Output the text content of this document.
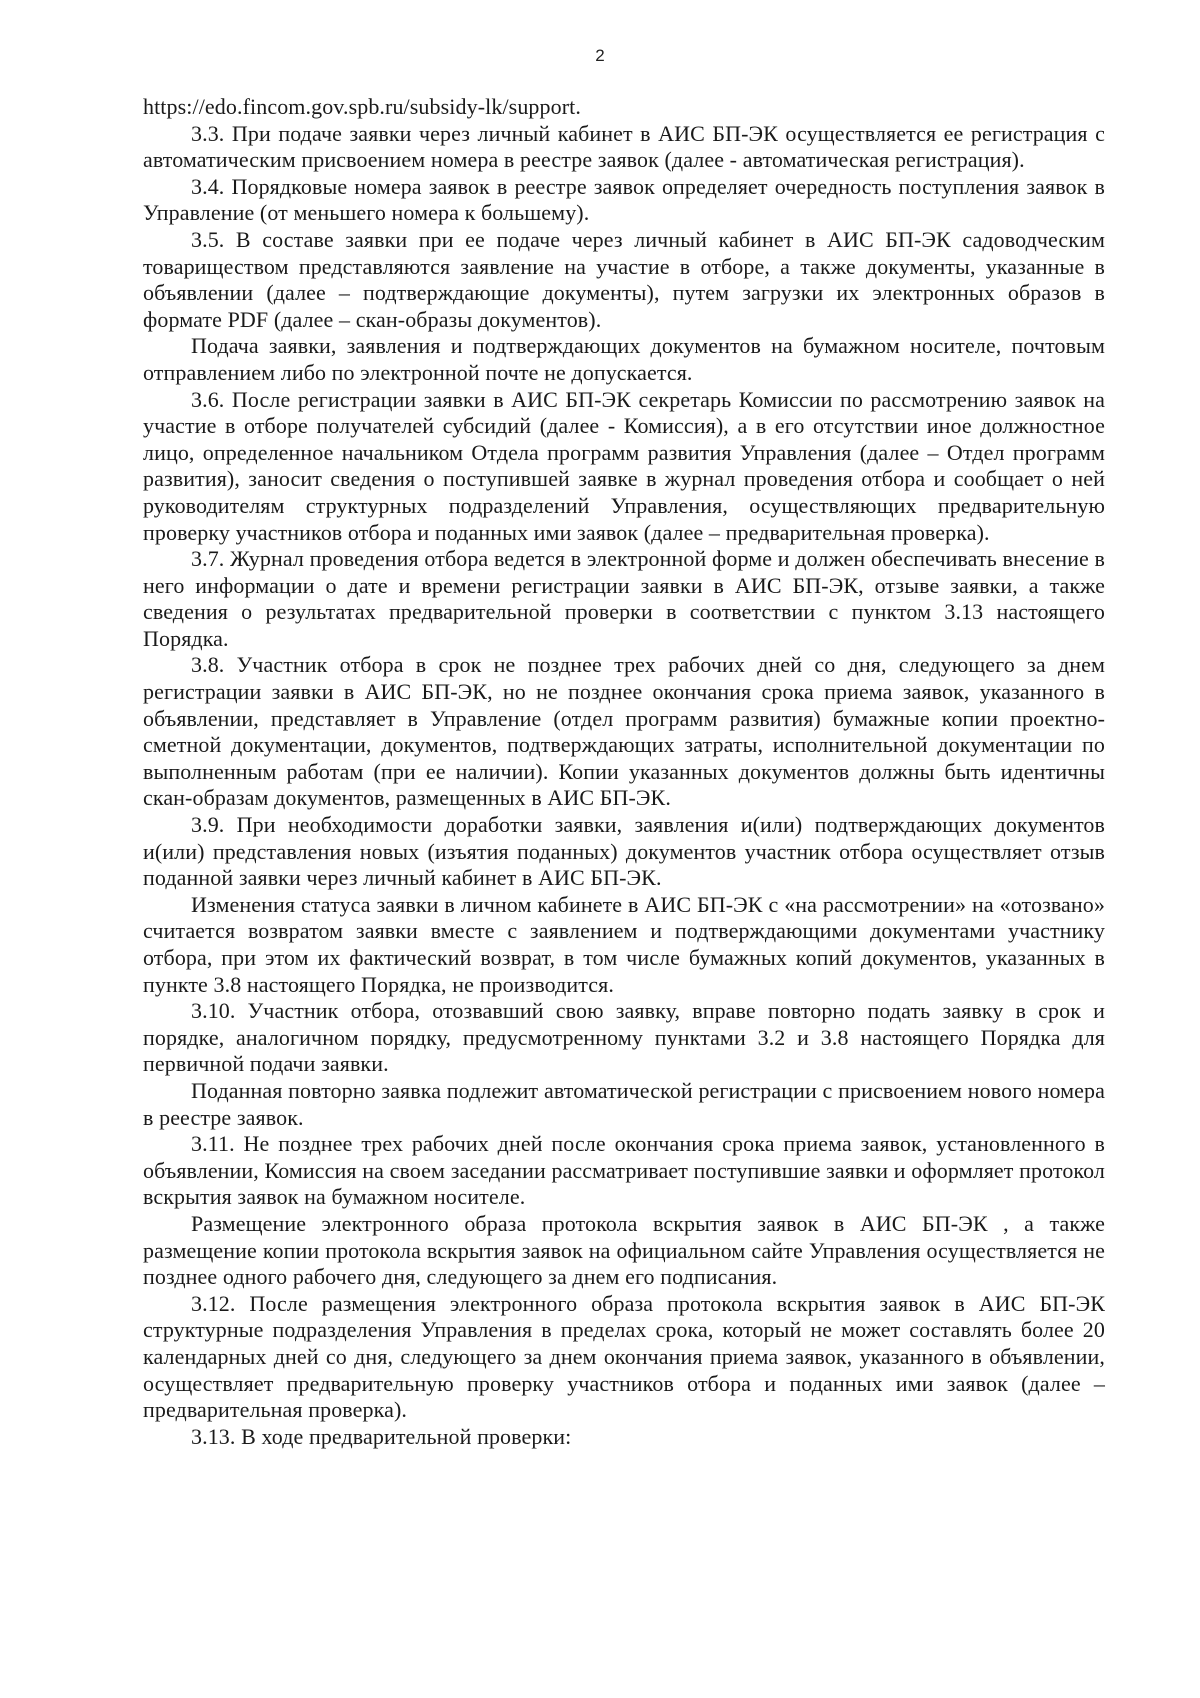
2

https://edo.fincom.gov.spb.ru/subsidy-lk/support.

3.3. При подаче заявки через личный кабинет в АИС БП-ЭК осуществляется ее регистрация с автоматическим присвоением номера в реестре заявок (далее - автоматическая регистрация).

3.4. Порядковые номера заявок в реестре заявок определяет очередность поступления заявок в Управление (от меньшего номера к большему).

3.5. В составе заявки при ее подаче через личный кабинет в АИС БП-ЭК садоводческим товариществом представляются заявление на участие в отборе, а также документы, указанные в объявлении (далее – подтверждающие документы), путем загрузки их электронных образов в формате PDF (далее – скан-образы документов).

Подача заявки, заявления и подтверждающих документов на бумажном носителе, почтовым отправлением либо по электронной почте не допускается.

3.6. После регистрации заявки в АИС БП-ЭК секретарь Комиссии по рассмотрению заявок на участие в отборе получателей субсидий (далее - Комиссия), а в его отсутствии иное должностное лицо, определенное начальником Отдела программ развития Управления (далее – Отдел программ развития), заносит сведения о поступившей заявке в журнал проведения отбора и сообщает о ней руководителям структурных подразделений Управления, осуществляющих предварительную проверку участников отбора и поданных ими заявок (далее – предварительная проверка).

3.7. Журнал проведения отбора ведется в электронной форме и должен обеспечивать внесение в него информации о дате и времени регистрации заявки в АИС БП-ЭК, отзыве заявки, а также сведения о результатах предварительной проверки в соответствии с пунктом 3.13 настоящего Порядка.

3.8. Участник отбора в срок не позднее трех рабочих дней со дня, следующего за днем регистрации заявки в АИС БП-ЭК, но не позднее окончания срока приема заявок, указанного в объявлении, представляет в Управление (отдел программ развития) бумажные копии проектно-сметной документации, документов, подтверждающих затраты, исполнительной документации по выполненным работам (при ее наличии). Копии указанных документов должны быть идентичны скан-образам документов, размещенных в АИС БП-ЭК.

3.9. При необходимости доработки заявки, заявления и(или) подтверждающих документов и(или) представления новых (изъятия поданных) документов участник отбора осуществляет отзыв поданной заявки через личный кабинет в АИС БП-ЭК.

Изменения статуса заявки в личном кабинете в АИС БП-ЭК с «на рассмотрении» на «отозвано» считается возвратом заявки вместе с заявлением и подтверждающими документами участнику отбора, при этом их фактический возврат, в том числе бумажных копий документов, указанных в пункте 3.8 настоящего Порядка, не производится.

3.10. Участник отбора, отозвавший свою заявку, вправе повторно подать заявку в срок и порядке, аналогичном порядку, предусмотренному пунктами 3.2 и 3.8 настоящего Порядка для первичной подачи заявки.

Поданная повторно заявка подлежит автоматической регистрации с присвоением нового номера в реестре заявок.

3.11. Не позднее трех рабочих дней после окончания срока приема заявок, установленного в объявлении, Комиссия на своем заседании рассматривает поступившие заявки и оформляет протокол вскрытия заявок на бумажном носителе.

Размещение электронного образа протокола вскрытия заявок в АИС БП-ЭК , а также размещение копии протокола вскрытия заявок на официальном сайте Управления осуществляется не позднее одного рабочего дня, следующего за днем его подписания.

3.12. После размещения электронного образа протокола вскрытия заявок в АИС БП-ЭК структурные подразделения Управления в пределах срока, который не может составлять более 20 календарных дней со дня, следующего за днем окончания приема заявок, указанного в объявлении, осуществляет предварительную проверку участников отбора и поданных ими заявок (далее – предварительная проверка).

3.13. В ходе предварительной проверки:
